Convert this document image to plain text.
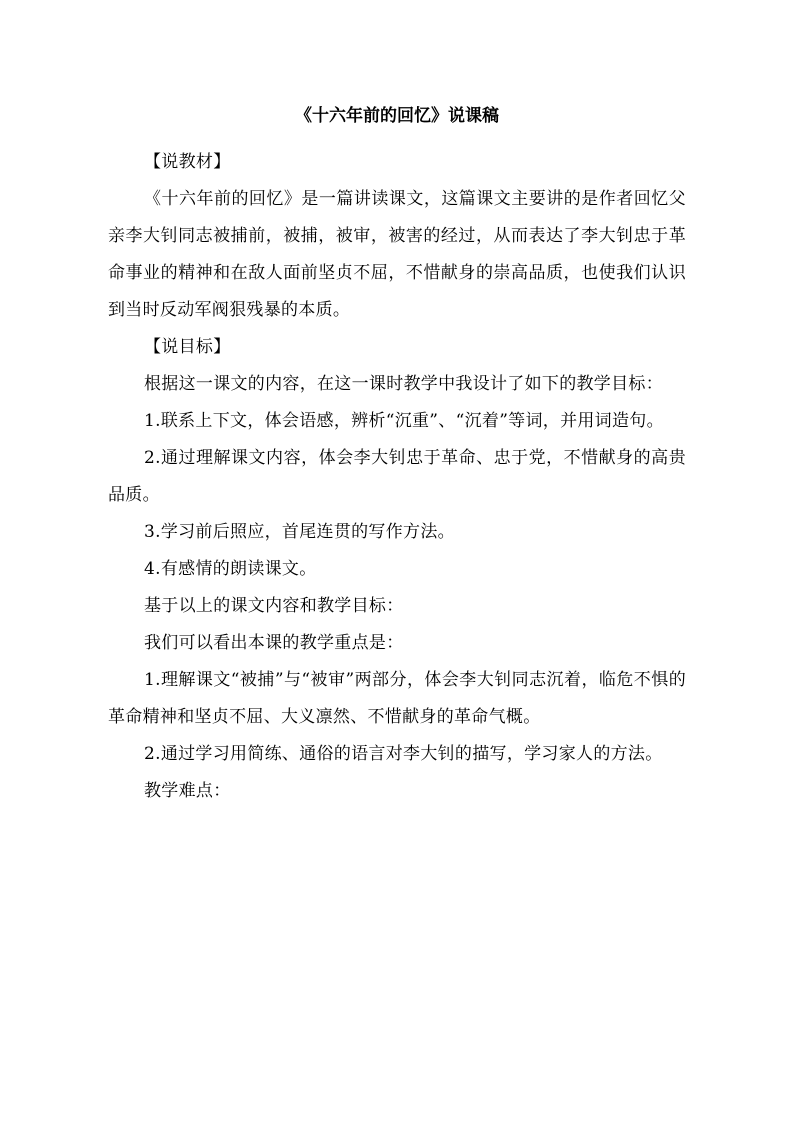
《十六年前的回忆》说课稿

【说教材】

《十六年前的回忆》是一篇讲读课文，这篇课文主要讲的是作者回忆父亲李大钊同志被捕前，被捕，被审，被害的经过，从而表达了李大钊忠于革命事业的精神和在敌人面前坚贞不屈，不惜献身的崇高品质，也使我们认识到当时反动军阀狠残暴的本质。

【说目标】

根据这一课文的内容，在这一课时教学中我设计了如下的教学目标：

1.联系上下文，体会语感，辨析“沉重”、“沉着”等词，并用词造句。

2.通过理解课文内容，体会李大钊忠于革命、忠于党，不惜献身的高贵品质。

3.学习前后照应，首尾连贯的写作方法。

4.有感情的朗读课文。

基于以上的课文内容和教学目标：

我们可以看出本课的教学重点是：

1.理解课文“被捕”与“被审”两部分，体会李大钊同志沉着，临危不惧的革命精神和坚贞不屈、大义凛然、不惜献身的革命气概。

2.通过学习用简练、通俗的语言对李大钊的描写，学习家人的方法。

教学难点：
